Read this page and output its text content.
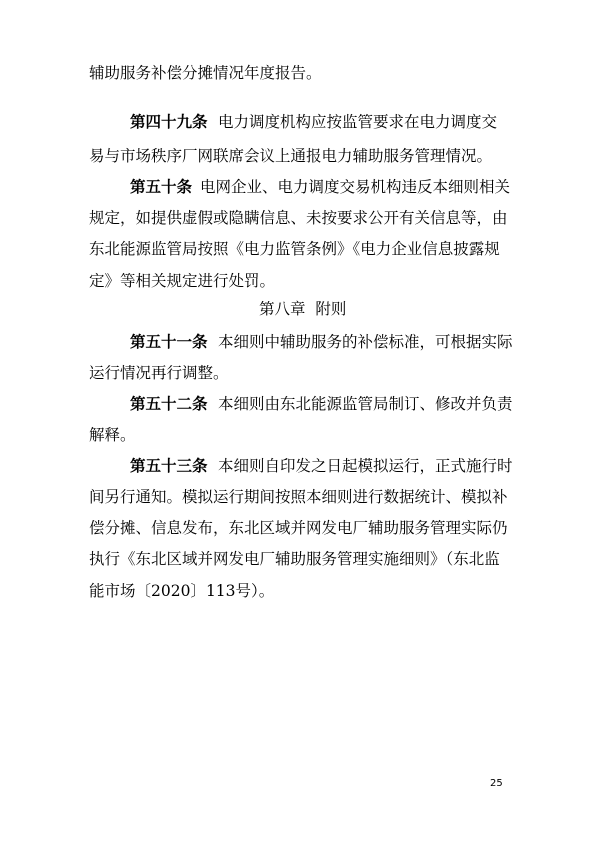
辅助服务补偿分摊情况年度报告。

第四十九条

电力调度机构应按监管要求在电力调度交

易与市场秩序厂网联席会议上通报电力辅助服务管理情况。

第五十条

电网企业、电力调度交易机构违反本细则相关

规定，如提供虚假或隐瞒信息、未按要求公开有关信息等，由

东北能源监管局按照《电力监管条例》《电力企业信息披露规

定》等相关规定进行处罚。

第八章  附则

第五十一条

本细则中辅助服务的补偿标准，可根据实际

运行情况再行调整。

第五十二条

本细则由东北能源监管局制订、修改并负责

解释。

第五十三条

本细则自印发之日起模拟运行，正式施行时

间另行通知。模拟运行期间按照本细则进行数据统计、模拟补

偿分摊、信息发布，东北区域并网发电厂辅助服务管理实际仍

执行《东北区域并网发电厂辅助服务管理实施细则》（东北监

能市场〔2020〕113号）。

25
